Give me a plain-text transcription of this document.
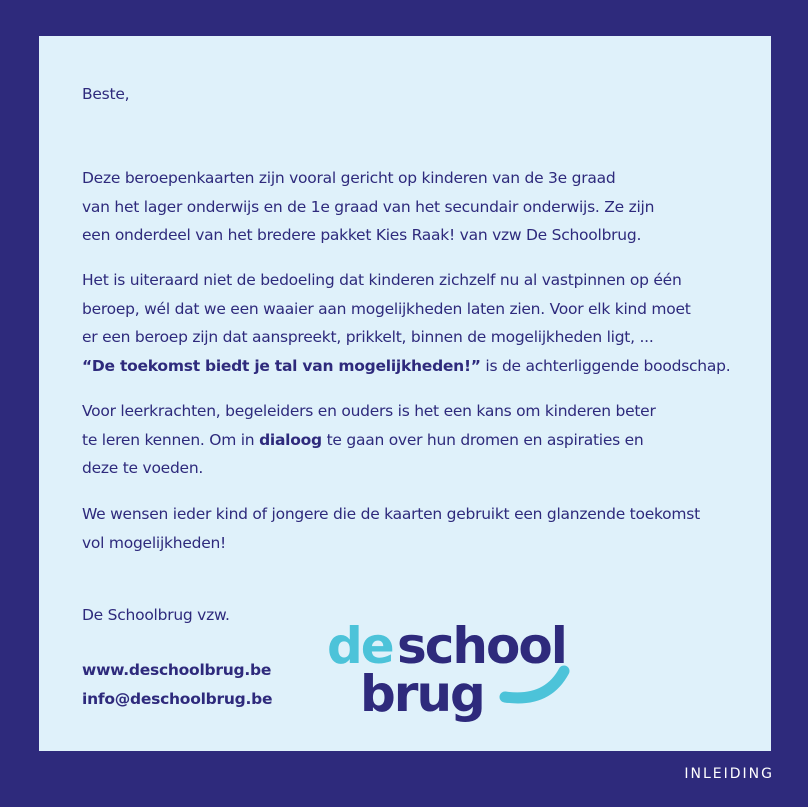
Beste,

Deze beroepenkaarten zijn vooral gericht op kinderen van de 3e graad

van het lager onderwijs en de 1e graad van het secundair onderwijs. Ze zijn

een onderdeel van het bredere pakket Kies Raak! van vzw De Schoolbrug.

Het is uiteraard niet de bedoeling dat kinderen zichzelf nu al vastpinnen op één

beroep, wél dat we een waaier aan mogelijkheden laten zien. Voor elk kind moet

er een beroep zijn dat aanspreekt, prikkelt, binnen de mogelijkheden ligt, ...

“De toekomst biedt je tal van mogelijkheden!” is de achterliggende boodschap.

Voor leerkrachten, begeleiders en ouders is het een kans om kinderen beter

te leren kennen. Om in dialoog te gaan over hun dromen en aspiraties en

deze te voeden.

We wensen ieder kind of jongere die de kaarten gebruikt een glanzende toekomst

vol mogelijkheden!

De Schoolbrug vzw.

www.deschoolbrug.be

info@deschoolbrug.be

de school
brug
INLEIDING
